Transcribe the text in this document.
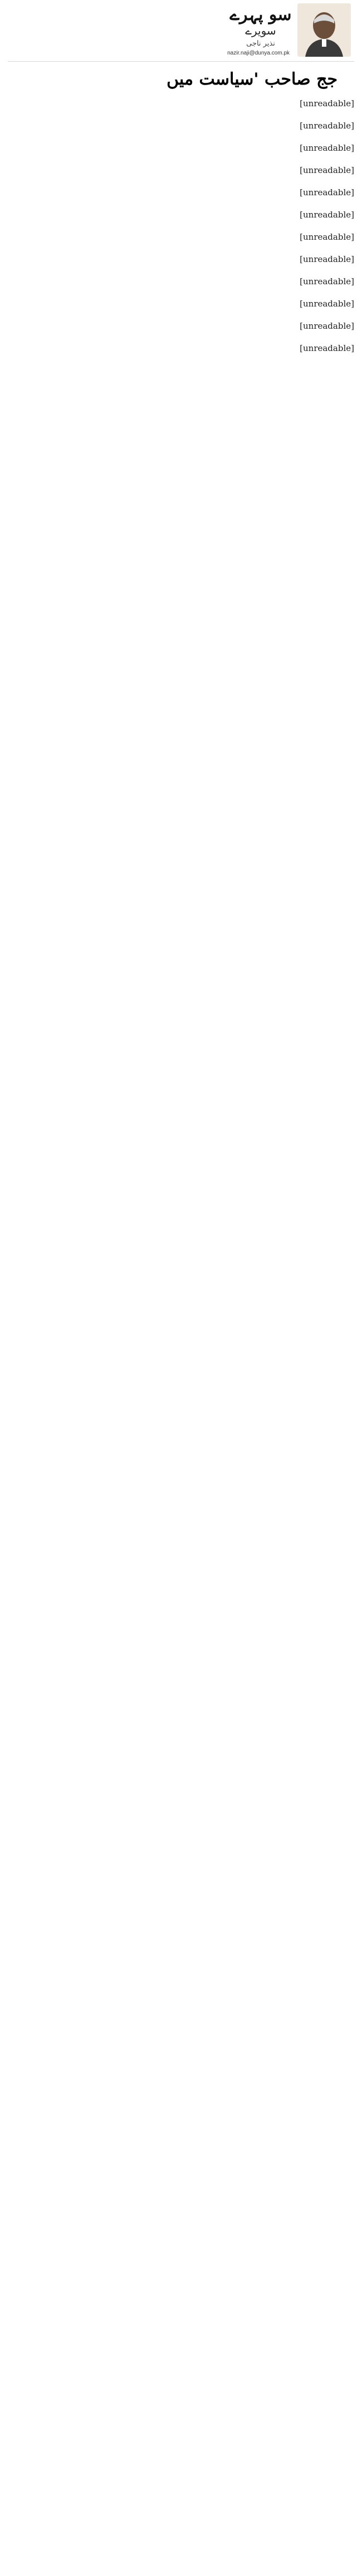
سو پہرے
سویرے
نذیر ناجی
nazir.naji@dunya.com.pk
جج صاحب 'سیاست میں

[unreadable]

[unreadable]

[unreadable]

[unreadable]

[unreadable]

[unreadable]

[unreadable]

[unreadable]

[unreadable]

[unreadable]

[unreadable]

[unreadable]
